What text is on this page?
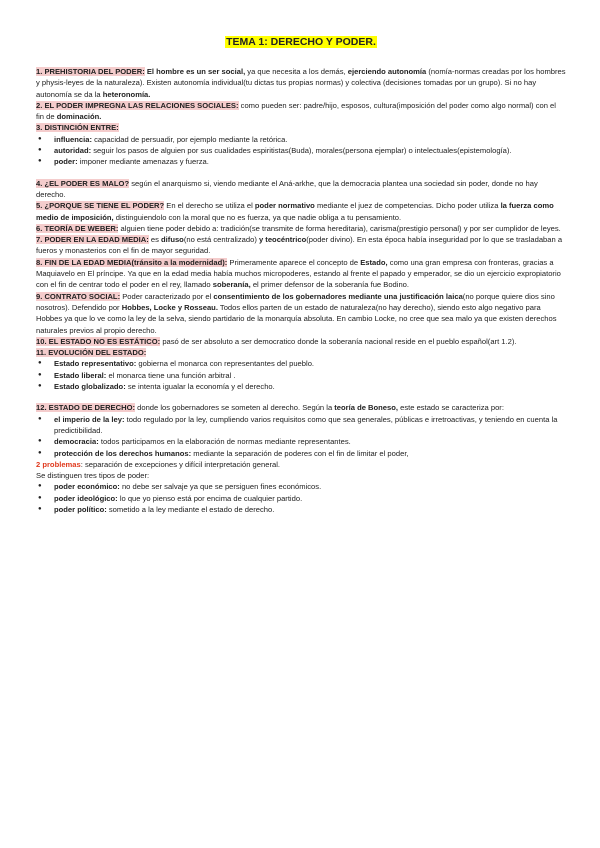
TEMA 1: DERECHO Y PODER.

1. PREHISTORIA DEL PODER: El hombre es un ser social, ya que necesita a los demás, ejerciendo autonomía (nomía-normas creadas por los hombres y physis-leyes de la naturaleza). Existen autonomía individual(tu dictas tus propias normas) y colectiva (decisiones tomadas por un grupo). Si no hay autonomía se da la heteronomía.

2. EL PODER IMPREGNA LAS RELACIONES SOCIALES: como pueden ser: padre/hijo, esposos, cultura(imposición del poder como algo normal) con el fin de dominación.

3. DISTINCIÓN ENTRE:
● influencia: capacidad de persuadir, por ejemplo mediante la retórica.
● autoridad: seguir los pasos de alguien por sus cualidades espiritistas(Buda), morales(persona ejemplar) o intelectuales(epistemología).
● poder: imponer mediante amenazas y fuerza.

4. ¿EL PODER ES MALO? según el anarquismo si, viendo mediante el Aná-arkhe, que la democracia plantea una sociedad sin poder, donde no hay derecho.

5. ¿PORQUE SE TIENE EL PODER? En el derecho se utiliza el poder normativo mediante el juez de competencias. Dicho poder utiliza la fuerza como medio de imposición, distinguiendolo con la moral que no es fuerza, ya que nadie obliga a tu pensamiento.

6. TEORÍA DE WEBER: alguien tiene poder debido a: tradición(se transmite de forma hereditaria), carisma(prestigio personal) y por ser cumplidor de leyes.

7. PODER EN LA EDAD MEDIA: es difuso(no está centralizado) y teocéntrico(poder divino). En esta época había inseguridad por lo que se trasladaban a fueros y monasterios con el fin de mayor seguridad.

8. FIN DE LA EDAD MEDIA(tránsito a la modernidad): Primeramente aparece el concepto de Estado, como una gran empresa con fronteras, gracias a Maquiavelo en El príncipe. Ya que en la edad media había muchos micropoderes, estando al frente el papado y emperador, se dio un ejercicio expropiatorio con el fin de centrar todo el poder en el rey, llamado soberanía, el primer defensor de la soberanía fue Bodino.

9. CONTRATO SOCIAL: Poder caracterizado por el consentimiento de los gobernadores mediante una justificación laica(no porque quiere dios sino nosotros). Defendido por Hobbes, Locke y Rosseau. Todos ellos parten de un estado de naturaleza(no hay derecho), siendo esto algo negativo para Hobbes ya que lo ve como la ley de la selva, siendo partidario de la monarquía absoluta. En cambio Locke, no cree que sea malo ya que existen derechos naturales previos al propio derecho.

10. EL ESTADO NO ES ESTÁTICO: pasó de ser absoluto a ser democratico donde la soberanía nacional reside en el pueblo español(art 1.2).

11. EVOLUCIÓN DEL ESTADO:
● Estado representativo: gobierna el monarca con representantes del pueblo.
● Estado liberal: el monarca tiene una función arbitral .
● Estado globalizado: se intenta igualar la economía y el derecho.
12. ESTADO DE DERECHO: donde los gobernadores se someten al derecho. Según la teoría de Boneso, este estado se caracteriza por:
● el imperio de la ley: todo regulado por la ley, cumpliendo varios requisitos como que sea generales, públicas e irretroactivas, y teniendo en cuenta la predictibilidad.
● democracia: todos participamos en la elaboración de normas mediante representantes.
● protección de los derechos humanos: mediante la separación de poderes con el fin de limitar el poder,
2 problemas: separación de excepciones y difícil interpretación general.
Se distinguen tres tipos de poder:
● poder económico: no debe ser salvaje ya que se persiguen fines económicos.
● poder ideológico: lo que yo pienso está por encima de cualquier partido.
● poder político: sometido a la ley mediante el estado de derecho.
